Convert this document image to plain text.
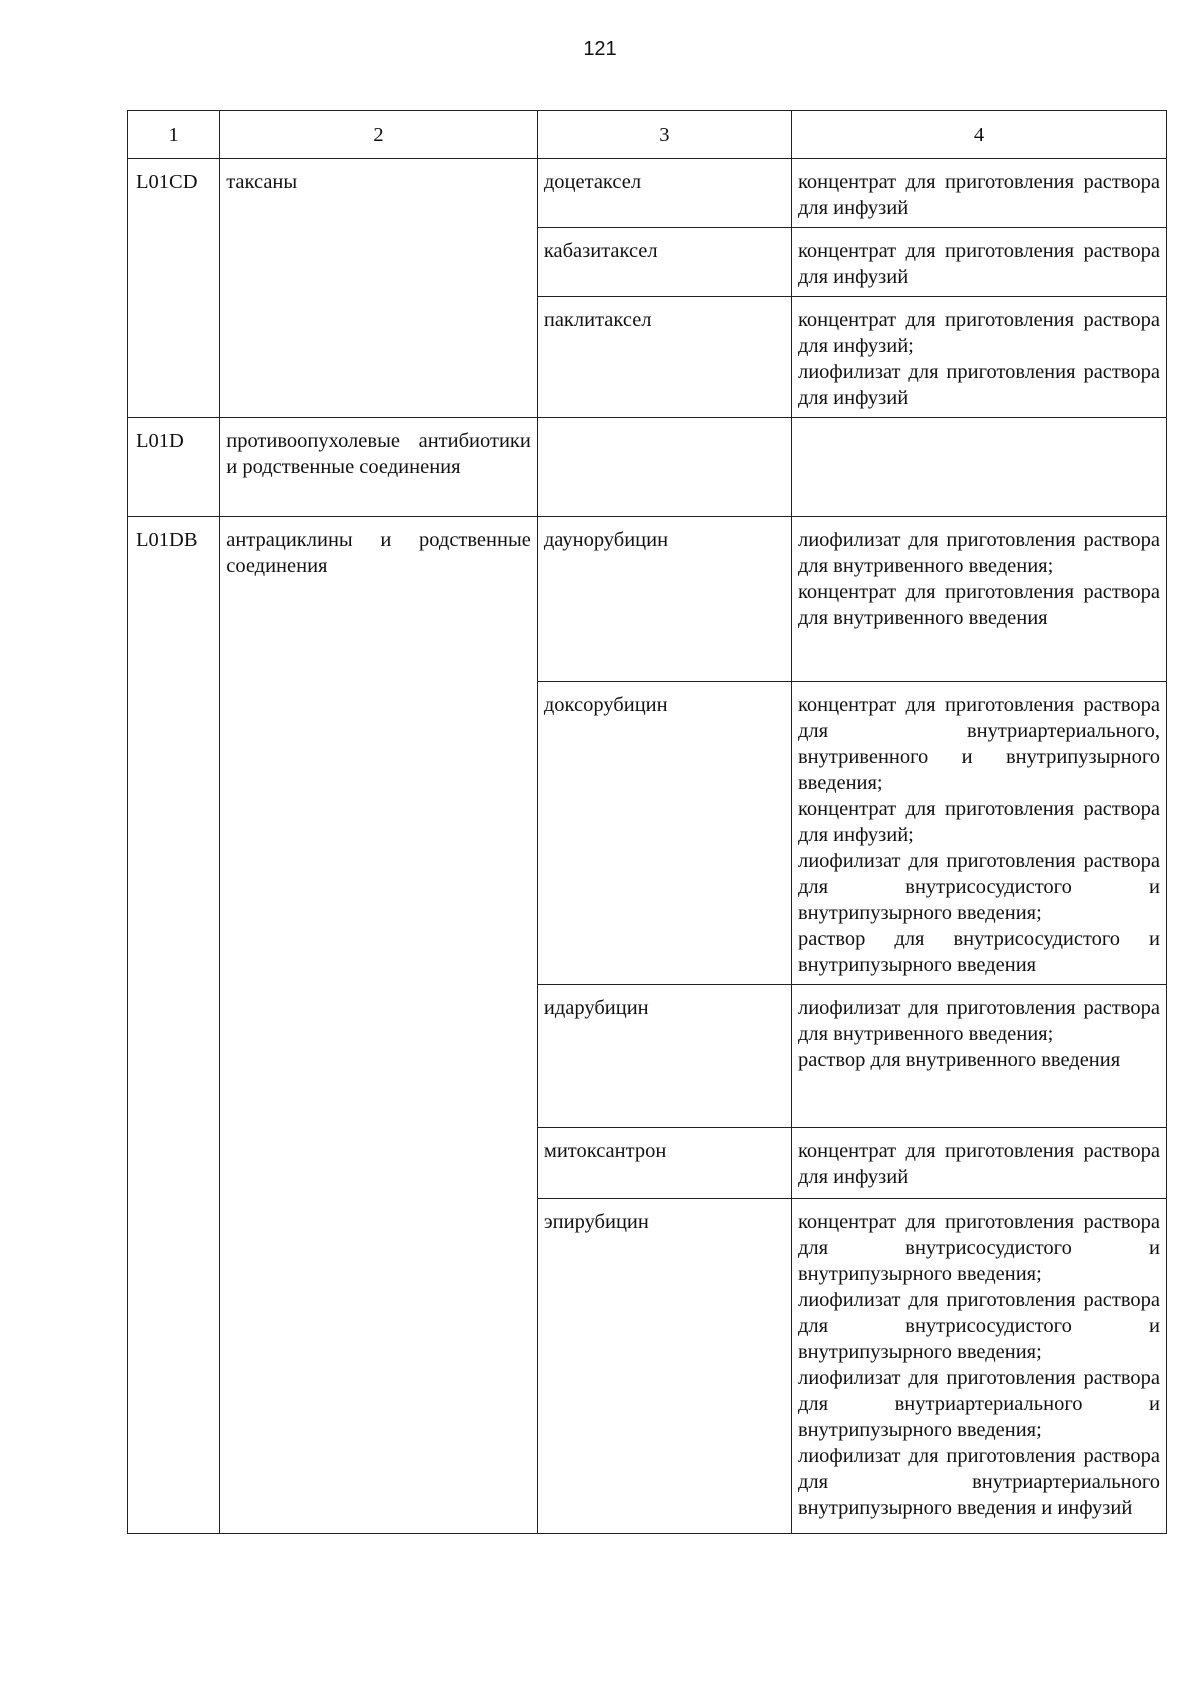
121
1	2	3	4
L01CD	таксаны	доцетаксел	концентрат для приготовления раствора для инфузий

		кабазитаксел	концентрат для приготовления раствора для инфузий

		паклитаксел	концентрат для приготовления раствора для инфузий;
лиофилизат для приготовления раствора для инфузий

L01D	противоопухолевые антибиотики и родственные соединения		
L01DB	антрациклины и родственные соединения	даунорубицин	лиофилизат для приготовления раствора для внутривенного введения;
концентрат для приготовления раствора для внутривенного введения

		доксорубицин	концентрат для приготовления раствора для внутриартериального, внутривенного и внутрипузырного введения;
концентрат для приготовления раствора для инфузий;
лиофилизат для приготовления раствора для внутрисосудистого и внутрипузырного введения;
раствор для внутрисосудистого и внутрипузырного введения

		идарубицин	лиофилизат для приготовления раствора для внутривенного введения;
раствор для внутривенного введения

		митоксантрон	концентрат для приготовления раствора для инфузий

		эпирубицин	концентрат для приготовления раствора для внутрисосудистого и внутрипузырного введения;
лиофилизат для приготовления раствора для внутрисосудистого и внутрипузырного введения;
лиофилизат для приготовления раствора для внутриартериального и внутрипузырного введения;
лиофилизат для приготовления раствора для внутриартериального внутрипузырного введения и инфузий
